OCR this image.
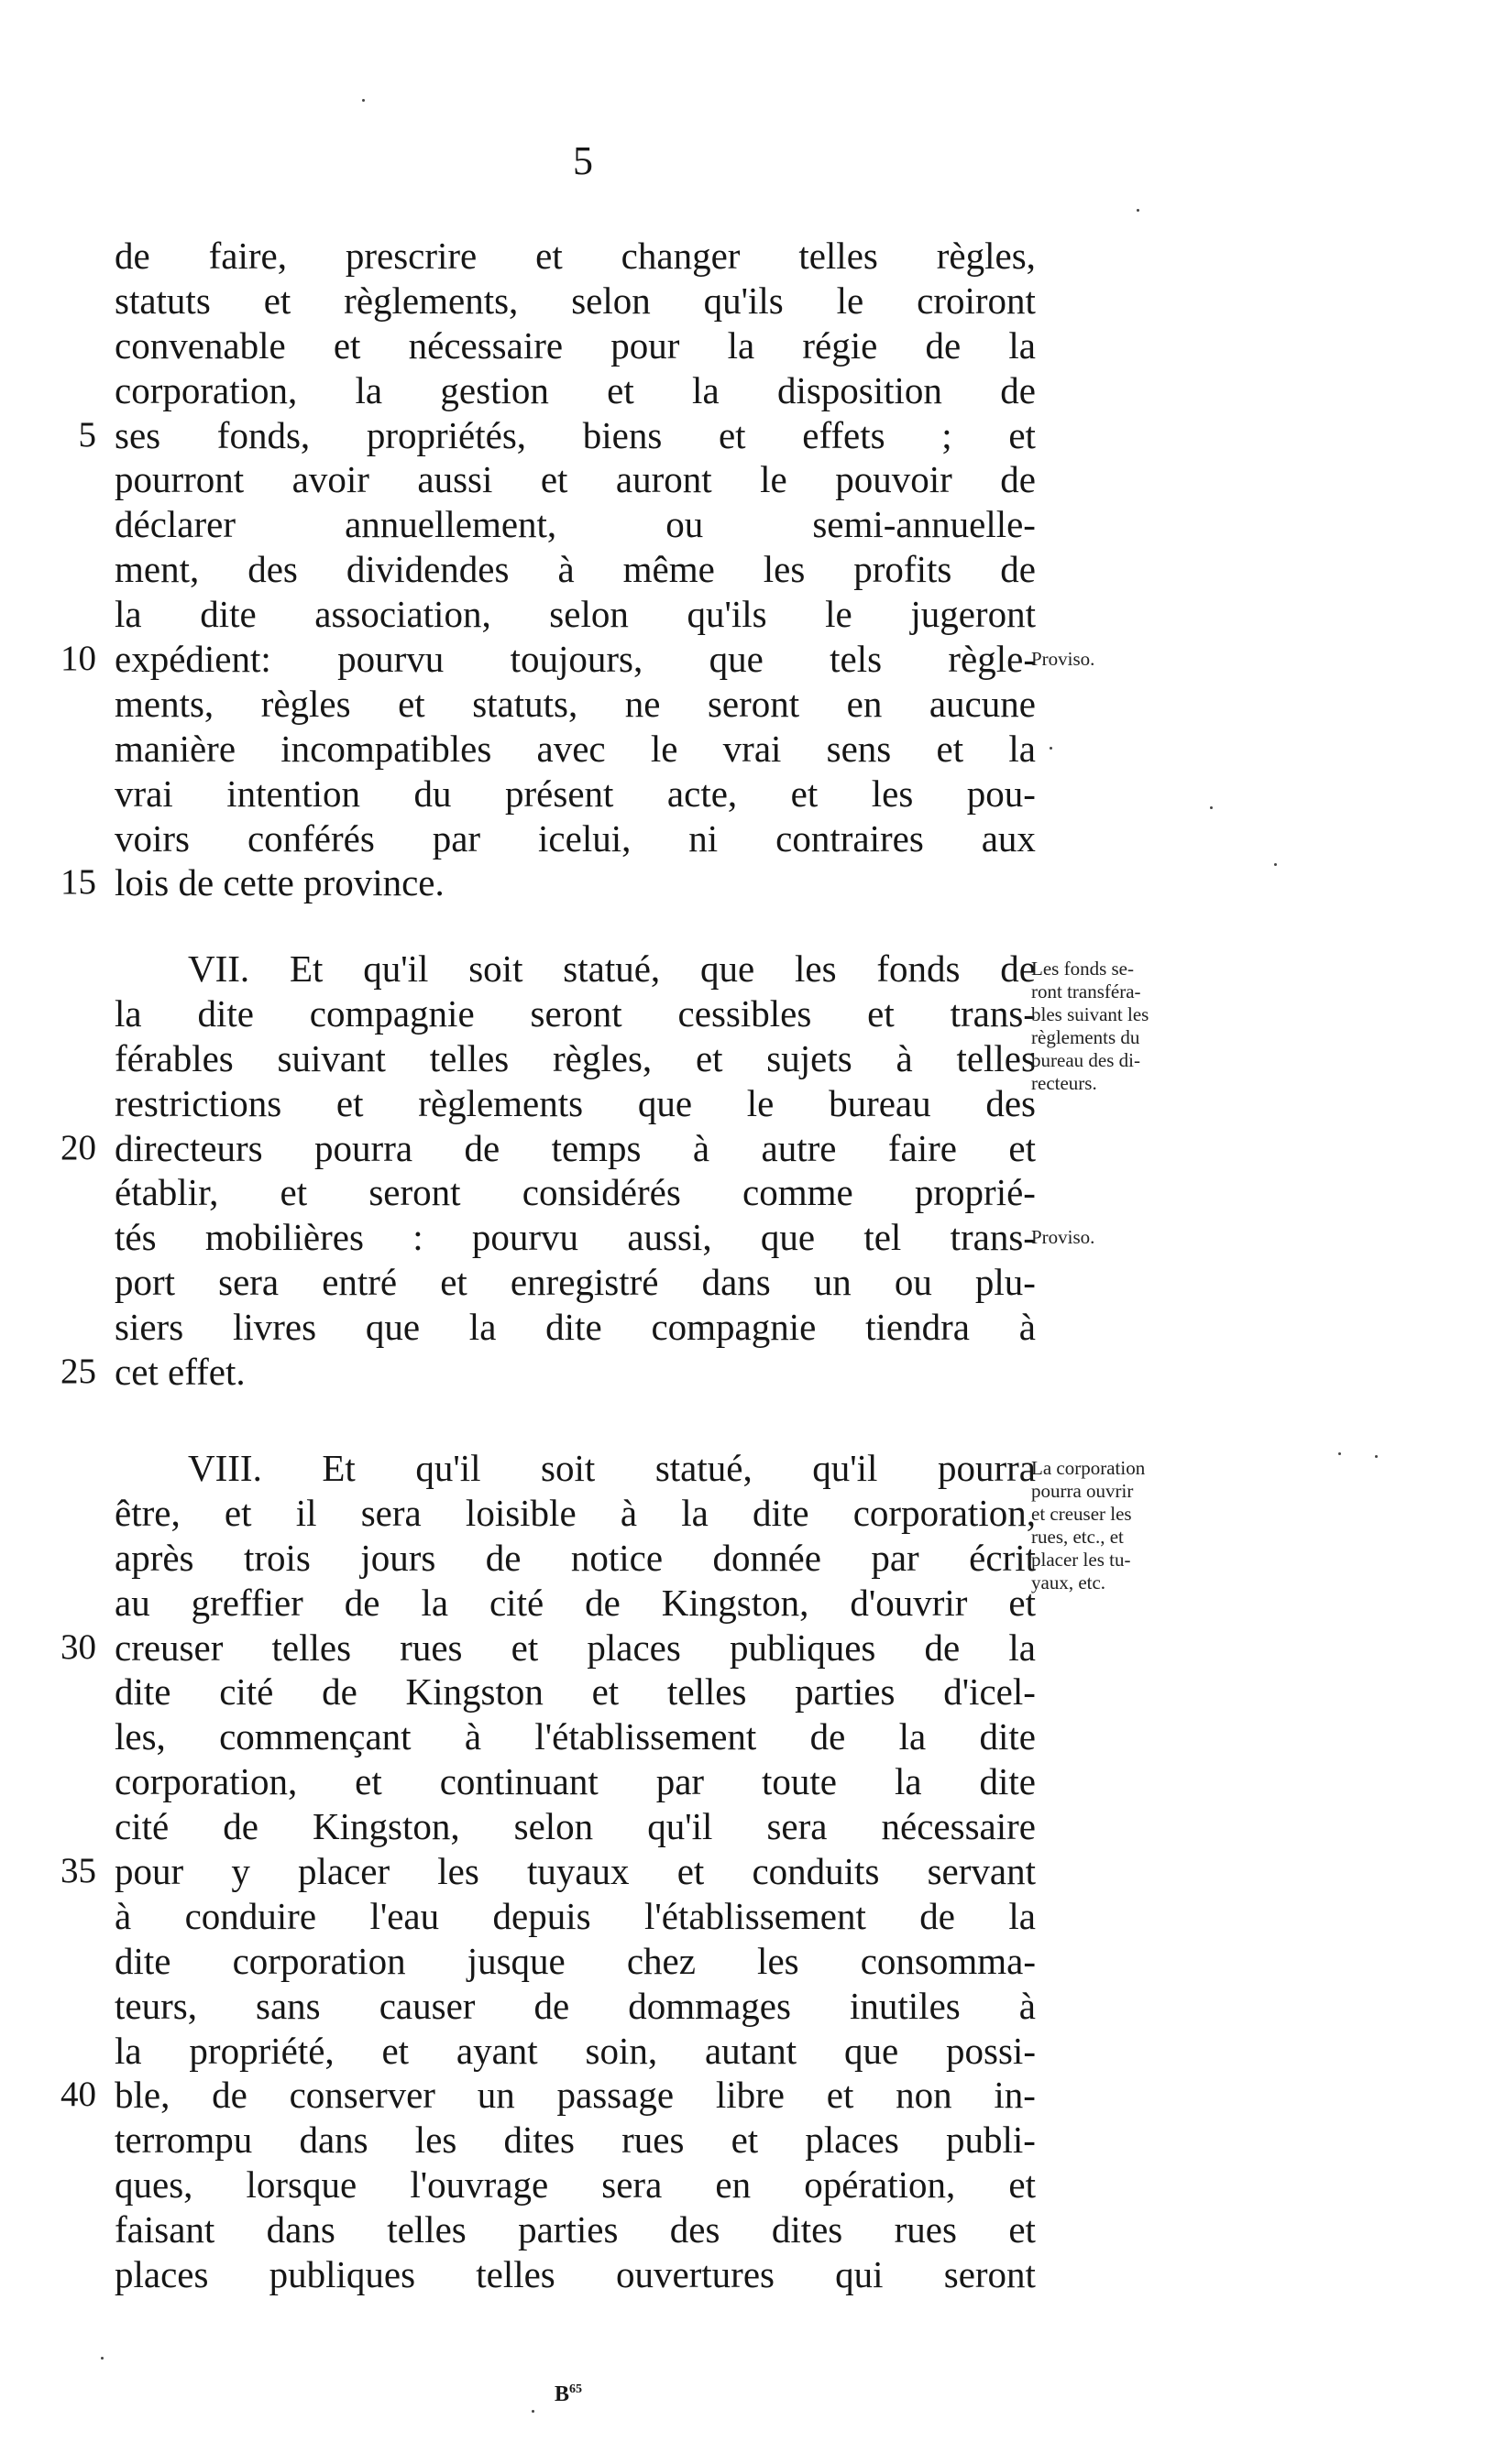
5
de faire, prescrire et changer telles règles,
statuts et règlements, selon qu'ils le croiront
convenable et nécessaire pour la régie de la
corporation, la gestion et la disposition de
5 ses fonds, propriétés, biens et effets ; et
pourront avoir aussi et auront le pouvoir de
déclarer	annuellement,	ou	semi-annuelle-
ment, des dividendes à même les profits de
la dite association, selon qu'ils le jugeront
10 expédient: pourvu toujours, que tels règle-
ments, règles et statuts, ne seront en aucune
manière incompatibles avec le vrai sens et la
vrai intention du présent acte, et les pou-
voirs conférés par icelui, ni contraires aux
15 lois de cette province.
Proviso.
VII. Et qu'il soit statué, que les fonds de
la dite compagnie seront cessibles et trans-
férables suivant telles règles, et sujets à telles
restrictions et règlements que le bureau des
20 directeurs pourra de temps à autre faire et
établir, et seront considérés comme proprié-
tés mobilières : pourvu aussi, que tel trans-
port sera entré et enregistré dans un ou plu-
siers livres que la dite compagnie tiendra à
25 cet effet.
Les fonds se-
ront transféra-
bles suivant les
règlements du
bureau des di-
recteurs.
Proviso.
VIII. Et qu'il soit statué, qu'il pourra
être, et il sera loisible à la dite corporation,
après trois jours de notice donnée par écrit
au greffier de la cité de Kingston, d'ouvrir et
30 creuser telles rues et places publiques de la
dite cité de Kingston et telles parties d'icel-
les, commençant à l'établissement de la dite
corporation, et continuant par toute la dite
cité de Kingston, selon qu'il sera nécessaire
35 pour y placer les tuyaux et conduits servant
à conduire l'eau depuis l'établissement de la
dite corporation jusque chez les consomma-
teurs, sans causer de dommages inutiles à
la propriété, et ayant soin, autant que possi-
40 ble, de conserver un passage libre et non in-
terrompu dans les dites rues et places publi-
ques, lorsque l'ouvrage sera en opération, et
faisant dans telles parties des dites rues et
places publiques telles ouvertures qui seront
La corporation
pourra ouvrir
et creuser les
rues, etc., et
placer les tu-
yaux, etc.
$B^{65}$
